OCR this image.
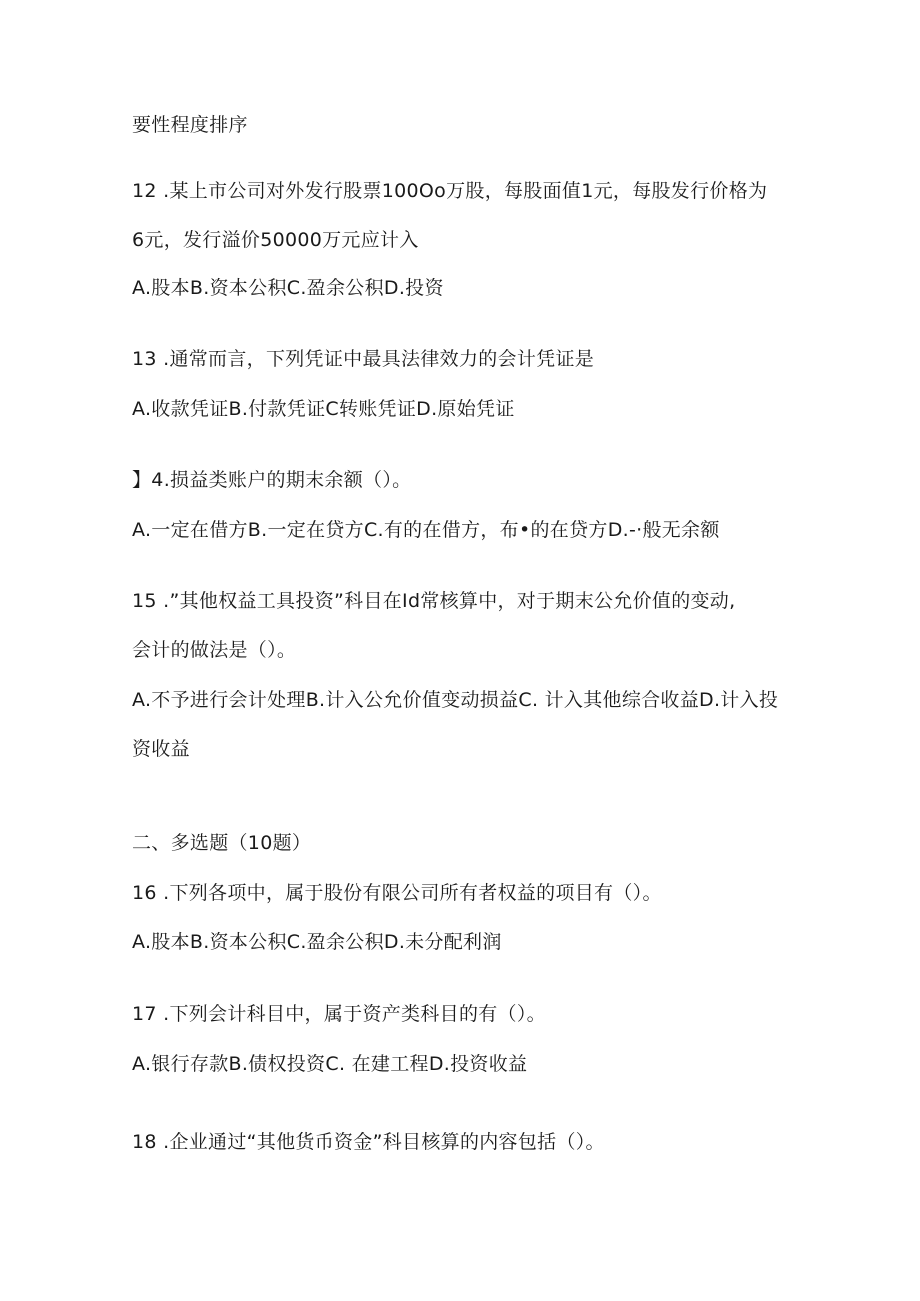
要性程度排序
12 .某上市公司对外发行股票100Oo万股，每股面值1元，每股发行价格为
6元，发行溢价50000万元应计入
A.股本B.资本公积C.盈余公积D.投资
13 .通常而言，下列凭证中最具法律效力的会计凭证是
A.收款凭证B.付款凭证C转账凭证D.原始凭证
】4.损益类账户的期末余额（）。
A.一定在借方B.一定在贷方C.有的在借方，布•的在贷方D.-·般无余额
15 .”其他权益工具投资”科目在Id常核算中，对于期末公允价值的变动,
会计的做法是（）。
A.不予进行会计处理B.计入公允价值变动损益C. 计入其他综合收益D.计入投
资收益
二、多选题（10题）
16 .下列各项中，属于股份有限公司所有者权益的项目有（）。
A.股本B.资本公积C.盈余公积D.未分配利润
17 .下列会计科目中，属于资产类科目的有（）。
A.银行存款B.债权投资C. 在建工程D.投资收益
18 .企业通过“其他货币资金”科目核算的内容包括（）。
